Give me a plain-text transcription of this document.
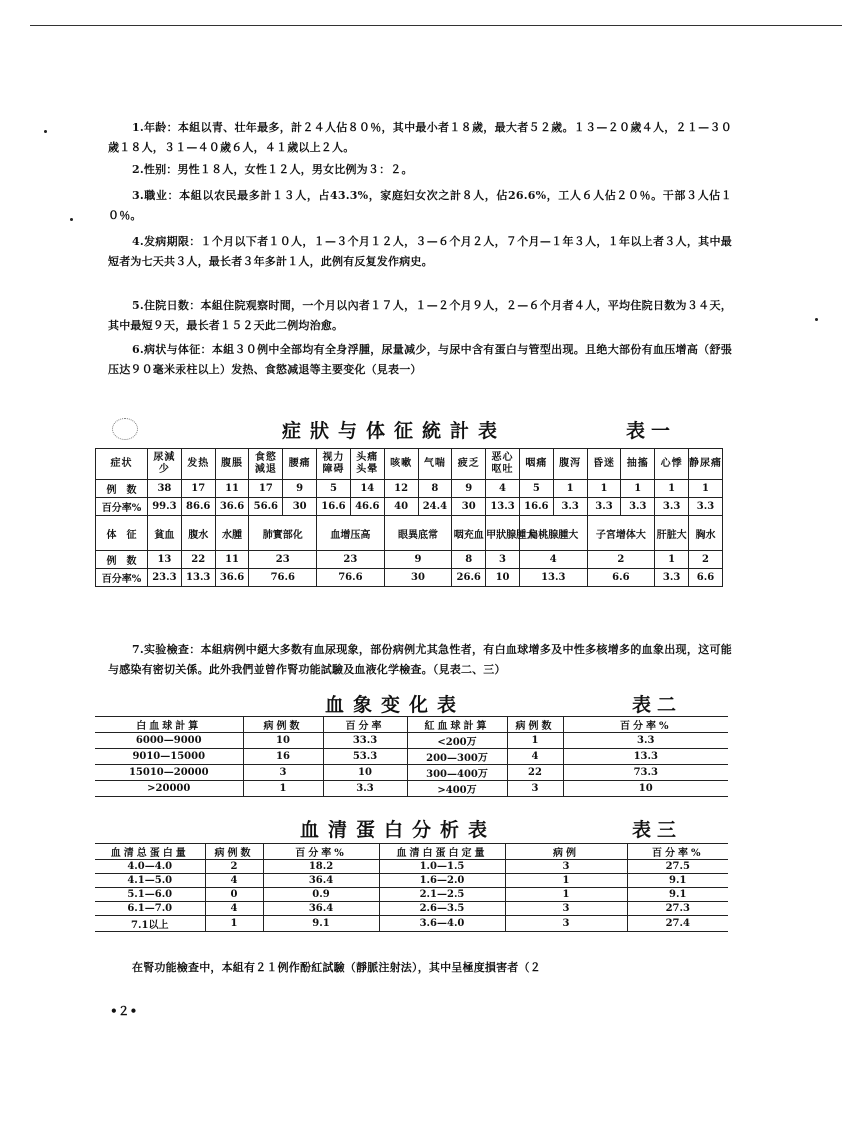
1.年龄：本組以青、壮年最多，計２４人佔８０％，其中最小者１８歲，最大者５２歲。１３—２０歲４人，２１—３０歲１８人，３１—４０歲６人，４１歲以上２人。

2.性别：男性１８人，女性１２人，男女比例为３：２。

3.職业：本組以农民最多計１３人，占43.3%，家庭妇女次之計８人，佔26.6%，工人６人佔２０％。干部３人佔１０％。

4.发病期限：１个月以下者１０人，１—３个月１２人，３—６个月２人，７个月—１年３人，１年以上者３人，其中最短者为七天共３人，最长者３年多計１人，此例有反复发作病史。

5.住院日数：本組住院观察时間，一个月以內者１７人，１—２个月９人，２—６个月者４人，平均住院日数为３４天，其中最短９天，最长者１５２天此二例均治愈。

6.病状与体征：本組３０例中全部均有全身浮腫，尿量减少，与尿中含有蛋白与管型出现。且绝大部份有血压增高（舒張压达９０毫米汞柱以上）发热、食慾减退等主要变化（見表一）

症狀与体征統計表	表一
症状	尿減少	发热	腹脹	食慾減退	腰痛	视力障碍	头痛头晕	咳嗽	气喘	疲乏	恶心呕吐	咽痛	腹泻	昏迷	抽搐	心悸	静尿痛
例　数	38	17	11	17	9	5	14	12	8	9	4	5	1	1	1	1	1
百分率%	99.3	86.6	36.6	56.6	30	16.6	46.6	40	24.4	30	13.3	16.6	3.3	3.3	3.3	3.3	3.3
体　征	貧血	腹水	水腫	肺實部化		血增压高		眼異底常		咽充血	甲狀腺腫大	扁桃腺腫大		子宮增体大		肝脏大	胸水
例　数	13	22	11	23		23		9		8	3	4		2		1	2
百分率%	23.3	13.3	36.6	76.6		76.6		30		26.6	10	13.3		6.6		3.3	6.6

7.实验檢查：本組病例中絕大多数有血尿现象，部份病例尤其急性者，有白血球增多及中性多核增多的血象出现，这可能与感染有密切关係。此外我們並曾作腎功能試驗及血液化学檢查。（見表二、三）

血象变化表	表二
白血球計算	病例数	百分率	紅血球計算	病例数	百分率%
6000—9000	10	33.3	<200万	1	3.3
9010—15000	16	53.3	200—300万	4	13.3
15010—20000	3	10	300—400万	22	73.3
>20000	1	3.3	>400万	3	10
血清蛋白分析表	表三
血清总蛋白量	病例数	百分率%	血清白蛋白定量	病例	百分率%
4.0—4.0	2	18.2	1.0—1.5	3	27.5
4.1—5.0	4	36.4	1.6—2.0	1	9.1
5.1—6.0	0	0.9	2.1—2.5	1	9.1
6.1—7.0	4	36.4	2.6—3.5	3	27.3
7.1以上	1	9.1	3.6—4.0	3	27.4

在腎功能檢查中，本組有２１例作酚紅試驗（靜脈注射法），其中呈極度損害者（２

•２•
